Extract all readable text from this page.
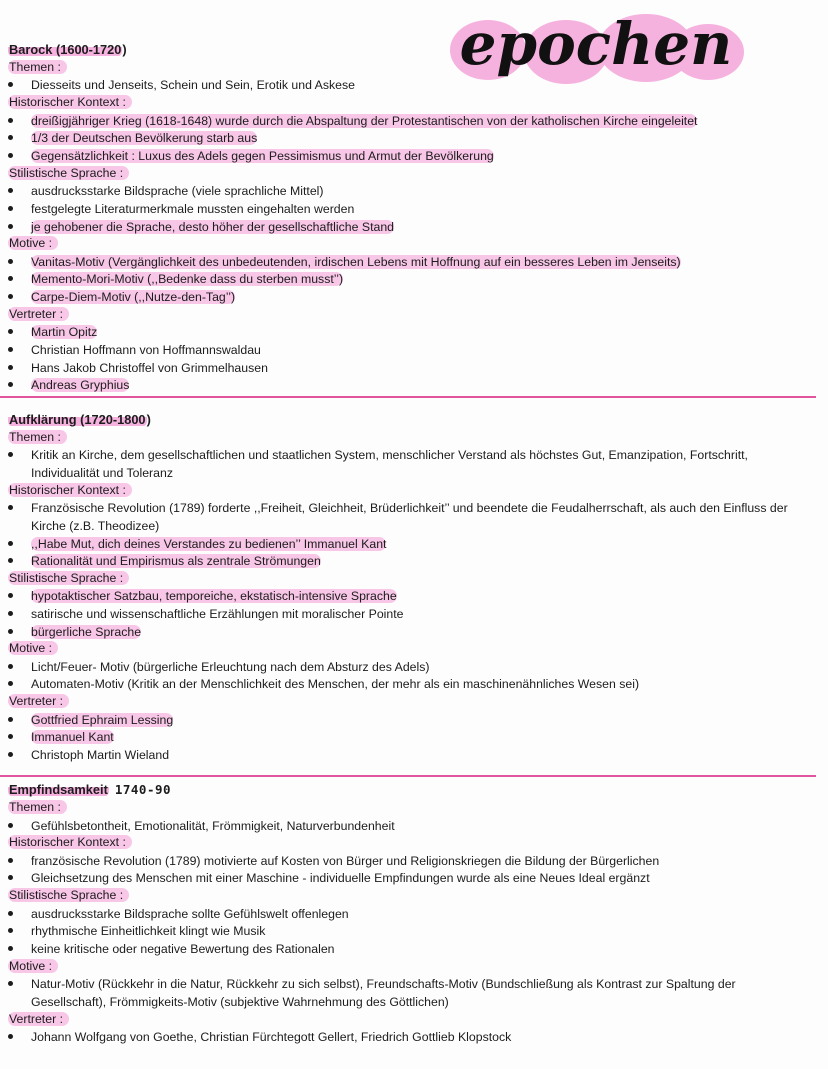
epochen
Barock (1600-1720)
Themen :
Diesseits und Jenseits, Schein und Sein, Erotik und Askese
Historischer Kontext :
dreißigjähriger Krieg (1618-1648) wurde durch die Abspaltung der Protestantischen von der katholischen Kirche eingeleitet
1/3 der Deutschen Bevölkerung starb aus
Gegensätzlichkeit : Luxus des Adels gegen Pessimismus und Armut der Bevölkerung
Stilistische Sprache :
ausdrucksstarke Bildsprache (viele sprachliche Mittel)
festgelegte Literaturmerkmale mussten eingehalten werden
je gehobener die Sprache, desto höher der gesellschaftliche Stand
Motive :
Vanitas-Motiv (Vergänglichkeit des unbedeutenden, irdischen Lebens mit Hoffnung auf ein besseres Leben im Jenseits)
Memento-Mori-Motiv (,,Bedenke dass du sterben musst’’)
Carpe-Diem-Motiv (,,Nutze-den-Tag’’)
Vertreter :
Martin Opitz
Christian Hoffmann von Hoffmannswaldau
Hans Jakob Christoffel von Grimmelhausen
Andreas Gryphius
Aufklärung (1720-1800)
Themen :
Kritik an Kirche, dem gesellschaftlichen und staatlichen System, menschlicher Verstand als höchstes Gut, Emanzipation, Fortschritt, Individualität und Toleranz
Historischer Kontext :
Französische Revolution (1789) forderte ,,Freiheit, Gleichheit, Brüderlichkeit’’ und beendete die Feudalherrschaft, als auch den Einfluss der Kirche (z.B. Theodizee)
,,Habe Mut, dich deines Verstandes zu bedienen’’ Immanuel Kant
Rationalität und Empirismus als zentrale Strömungen
Stilistische Sprache :
hypotaktischer Satzbau, temporeiche, ekstatisch-intensive Sprache
satirische und wissenschaftliche Erzählungen mit moralischer Pointe
bürgerliche Sprache
Motive :
Licht/Feuer- Motiv (bürgerliche Erleuchtung nach dem Absturz des Adels)
Automaten-Motiv (Kritik an der Menschlichkeit des Menschen, der mehr als ein maschinenähnliches Wesen sei)
Vertreter :
Gottfried Ephraim Lessing
Immanuel Kant
Christoph Martin Wieland
Empfindsamkeit 1740-90
Themen :
Gefühlsbetontheit, Emotionalität, Frömmigkeit, Naturverbundenheit
Historischer Kontext :
französische Revolution (1789) motivierte auf Kosten von Bürger und Religionskriegen die Bildung der Bürgerlichen
Gleichsetzung des Menschen mit einer Maschine - individuelle Empfindungen wurde als eine Neues Ideal ergänzt
Stilistische Sprache :
ausdrucksstarke Bildsprache sollte Gefühlswelt offenlegen
rhythmische Einheitlichkeit klingt wie Musik
keine kritische oder negative Bewertung des Rationalen
Motive :
Natur-Motiv (Rückkehr in die Natur, Rückkehr zu sich selbst), Freundschafts-Motiv (Bundschließung als Kontrast zur Spaltung der Gesellschaft), Frömmigkeits-Motiv (subjektive Wahrnehmung des Göttlichen)
Vertreter :
Johann Wolfgang von Goethe, Christian Fürchtegott Gellert, Friedrich Gottlieb Klopstock
